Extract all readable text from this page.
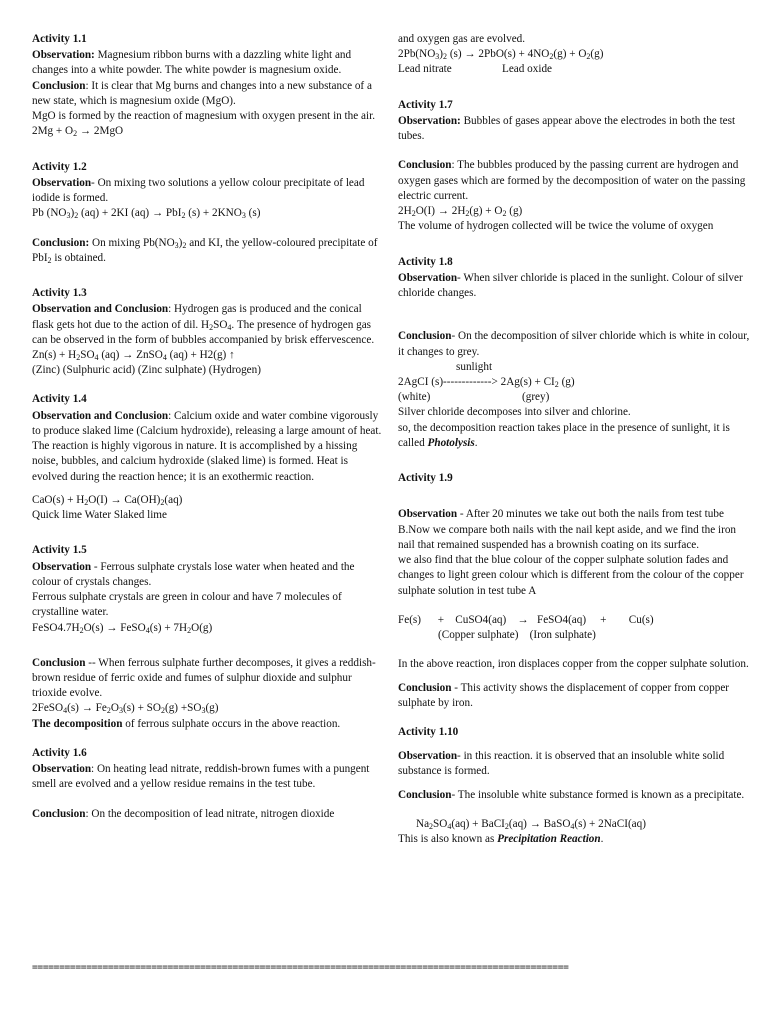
Activity 1.1

Observation: Magnesium ribbon burns with a dazzling white light and changes into a white powder. The white powder is magnesium oxide.

Conclusion: It is clear that Mg burns and changes into a new substance of a new state, which is magnesium oxide (MgO).

MgO is formed by the reaction of magnesium with oxygen present in the air.

$2Mg + O_2 \to 2MgO$

Activity 1.2

Observation- On mixing two solutions a yellow colour precipitate of lead iodide is formed.

Pb $(NO_3)_2$ (aq) + 2KI (aq) → PbI$_2$ $(s) + 2KNO_3$ (s)

Conclusion: On mixing $Pb(NO_3)_2$ and KI, the yellow-coloured precipitate of PbI$_2$ is obtained.

Activity 1.3

Observation and Conclusion: Hydrogen gas is produced and the conical flask gets hot due to the action of dil. $H_2SO_4$. The presence of hydrogen gas can be observed in the form of bubbles accompanied by brisk effervescence.

$Zn(s) + H_2SO_4$ (aq) → ZnSO$_4$ (aq) + H2(g) ↑

(Zinc) (Sulphuric acid) (Zinc sulphate) (Hydrogen)

Activity 1.4

Observation and Conclusion: Calcium oxide and water combine vigorously to produce slaked lime (Calcium hydroxide), releasing a large amount of heat.

The reaction is highly vigorous in nature. It is accomplished by a hissing noise, bubbles, and calcium hydroxide (slaked lime) is formed. Heat is evolved during the reaction hence; it is an exothermic reaction.

$CaO(s) + H_2O(I) \to Ca(OH)_2(aq)$

Quick lime Water Slaked lime

Activity 1.5

Observation - Ferrous sulphate crystals lose water when heated and the colour of crystals changes.

Ferrous sulphate crystals are green in colour and have 7 molecules of crystalline water.

$FeSO4.7H_2O(s)$ → FeSO$_4$(s) + $7H_2O(g)$

Conclusion -- When ferrous sulphate further decomposes, it gives a reddish-brown residue of ferric oxide and fumes of sulphur dioxide and sulphur trioxide evolve.

2FeSO$_4$(s) → $Fe_2O_3(s) + SO_2(g) +SO_3(g)$

The decomposition of ferrous sulphate occurs in the above reaction.

Activity 1.6

Observation: On heating lead nitrate, reddish-brown fumes with a pungent smell are evolved and a yellow residue remains in the test tube.

Conclusion: On the decomposition of lead nitrate, nitrogen dioxide

and oxygen gas are evolved.

$2Pb(NO_3)_2$ $(s) \to 2PbO(s) + 4NO_2(g) + O_2(g)$

Lead nitrate	Lead oxide

Activity 1.7

Observation: Bubbles of gases appear above the electrodes in both the test tubes.

Conclusion: The bubbles produced by the passing current are hydrogen and oxygen gases which are formed by the decomposition of water on the passing electric current.

$2H_2O(I) \to 2H_2(g) + O_2$ (g)

The volume of hydrogen collected will be twice the volume of oxygen

Activity 1.8

Observation- When silver chloride is placed in the sunlight. Colour of silver chloride changes.

Conclusion- On the decomposition of silver chloride which is white in colour, it changes to grey.

sunlight

2AgCI $(s)-------------> 2Ag(s) + CI_2$ (g)

(white)	(grey)

Silver chloride decomposes into silver and chlorine.

so, the decomposition reaction takes place in the presence of sunlight, it is called Photolysis.

Activity 1.9

Observation - After 20 minutes we take out both the nails from test tube B.Now we compare both nails with the nail kept aside, and we find the iron nail that remained suspended has a brownish coating on its surface.

we also find that the blue colour of the copper sulphate solution fades and changes to light green colour which is different from the colour of the copper sulphate solution in test tube A

Fe(s)      +    CuSO4(aq)    →   FeSO4(aq)     +        Cu(s)

(Copper sulphate)    (Iron sulphate)

In the above reaction, iron displaces copper from the copper sulphate solution.

Conclusion - This activity shows the displacement of copper from copper sulphate by iron.

Activity 1.10

Observation- in this reaction. it is observed that an insoluble white solid substance is formed.

Conclusion- The insoluble white substance formed is known as a precipitate.

$Na_2SO_4(aq)$ + BaCI$_2$(aq) → BaSO$_4$(s) + 2NaCI(aq)

This is also known as Precipitation Reaction.

===================================================================================================
